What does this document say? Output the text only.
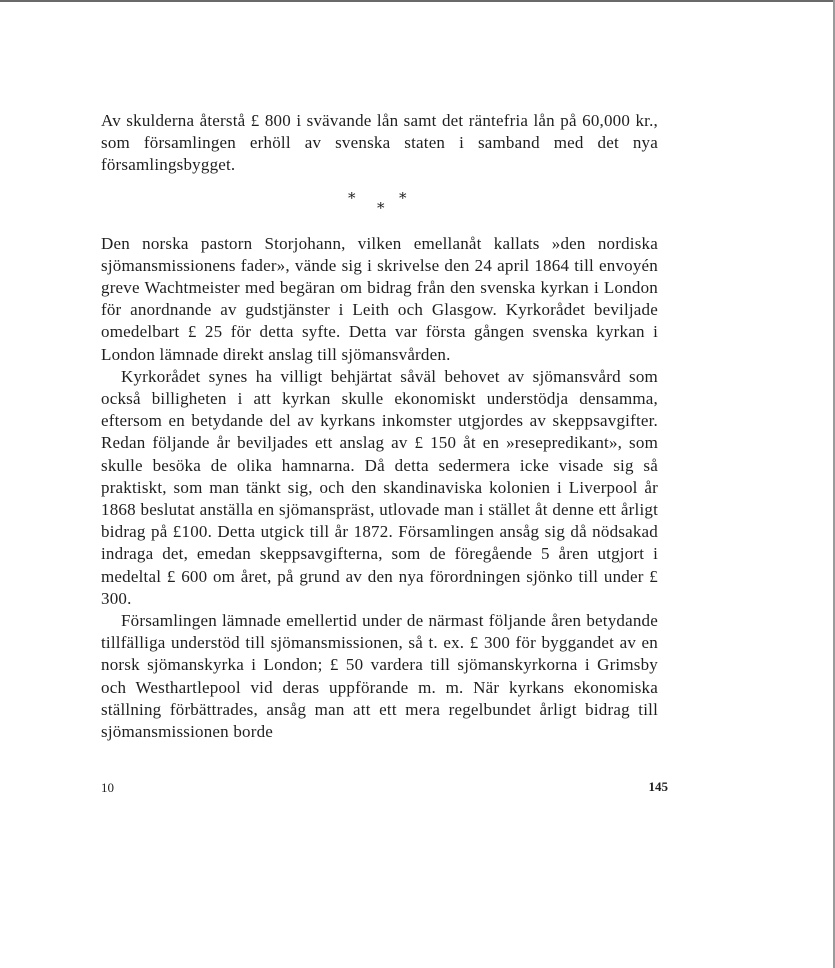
Av skulderna återstå £ 800 i svävande lån samt det räntefria lån på 60,000 kr., som församlingen erhöll av svenska staten i samband med det nya församlingsbygget.

*
*
*

Den norska pastorn Storjohann, vilken emellanåt kallats »den nordiska sjömansmissionens fader», vände sig i skrivelse den 24 april 1864 till envoyén greve Wachtmeister med begäran om bidrag från den svenska kyrkan i London för anordnande av gudstjänster i Leith och Glasgow. Kyrkorådet beviljade omedelbart £ 25 för detta syfte. Detta var första gången svenska kyrkan i London lämnade direkt anslag till sjömansvården.

Kyrkorådet synes ha villigt behjärtat såväl behovet av sjömansvård som också billigheten i att kyrkan skulle ekonomiskt understödja densamma, eftersom en betydande del av kyrkans inkomster utgjordes av skeppsavgifter. Redan följande år beviljades ett anslag av £ 150 åt en »resepredikant», som skulle besöka de olika hamnarna. Då detta sedermera icke visade sig så praktiskt, som man tänkt sig, och den skandinaviska kolonien i Liverpool år 1868 beslutat anställa en sjömanspräst, utlovade man i stället åt denne ett årligt bidrag på £100. Detta utgick till år 1872. Församlingen ansåg sig då nödsakad indraga det, emedan skeppsavgifterna, som de föregående 5 åren utgjort i medeltal £ 600 om året, på grund av den nya förordningen sjönko till under £ 300.

Församlingen lämnade emellertid under de närmast följande åren betydande tillfälliga understöd till sjömansmissionen, så t. ex. £ 300 för byggandet av en norsk sjömanskyrka i London; £ 50 vardera till sjömanskyrkorna i Grimsby och Westhartlepool vid deras uppförande m. m. När kyrkans ekonomiska ställning förbättrades, ansåg man att ett mera regelbundet årligt bidrag till sjömansmissionen borde

10	145
